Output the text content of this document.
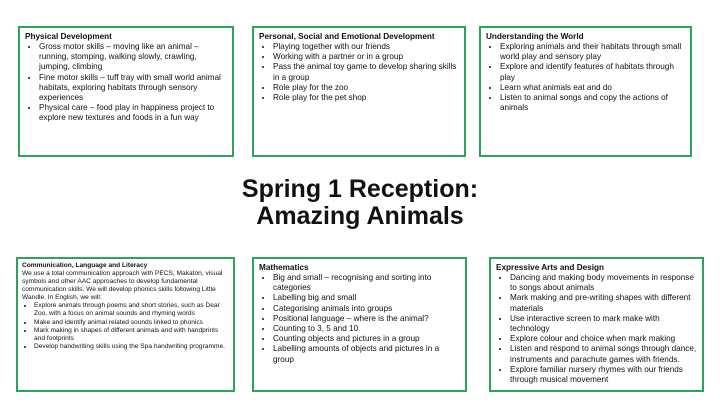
Physical Development
• Gross motor skills – moving like an animal – running, stomping, walking slowly, crawling, jumping, climbing
• Fine motor skills – tuff tray with small world animal habitats, exploring habitats through sensory experiences
• Physical care – food play in happiness project to explore new textures and foods in a fun way
Personal, Social and Emotional Development
• Playing together with our friends
• Working with a partner or in a group
• Pass the animal toy game to develop sharing skills in a group
• Role play for the zoo
• Role play for the pet shop
Understanding the World
• Exploring animals and their habitats through small world play and sensory play
• Explore and identify features of habitats through play
• Learn what animals eat and do
• Listen to animal songs and copy the actions of animals
Spring 1 Reception:
Amazing Animals
Communication, Language and Literacy

We use a total communication approach with PECS, Makaton, visual symbols and other AAC approaches to develop fundamental communication skills. We will develop phonics skills following Little Wandle. In English, we will:

• Explore animals through poems and short stories, such as Dear Zoo, with a focus on animal sounds and rhyming words
• Make and identify animal related sounds linked to phonics
• Mark making in shapes of different animals and with handprints and footprints
• Develop handwriting skills using the Spa handwriting programme.
Mathematics
• Big and small – recognising and sorting into categories
• Labelling big and small
• Categorising animals into groups
• Positional language – where is the animal?
• Counting to 3, 5 and 10
• Counting objects and pictures in a group
• Labelling amounts of objects and pictures in a group
Expressive Arts and Design
• Dancing and making body movements in response to songs about animals
• Mark making and pre-writing shapes with different materials
• Use interactive screen to mark make with technology
• Explore colour and choice when mark making
• Listen and respond to animal songs through dance, instruments and parachute games with friends.
• Explore familiar nursery rhymes with our friends through musical movement
